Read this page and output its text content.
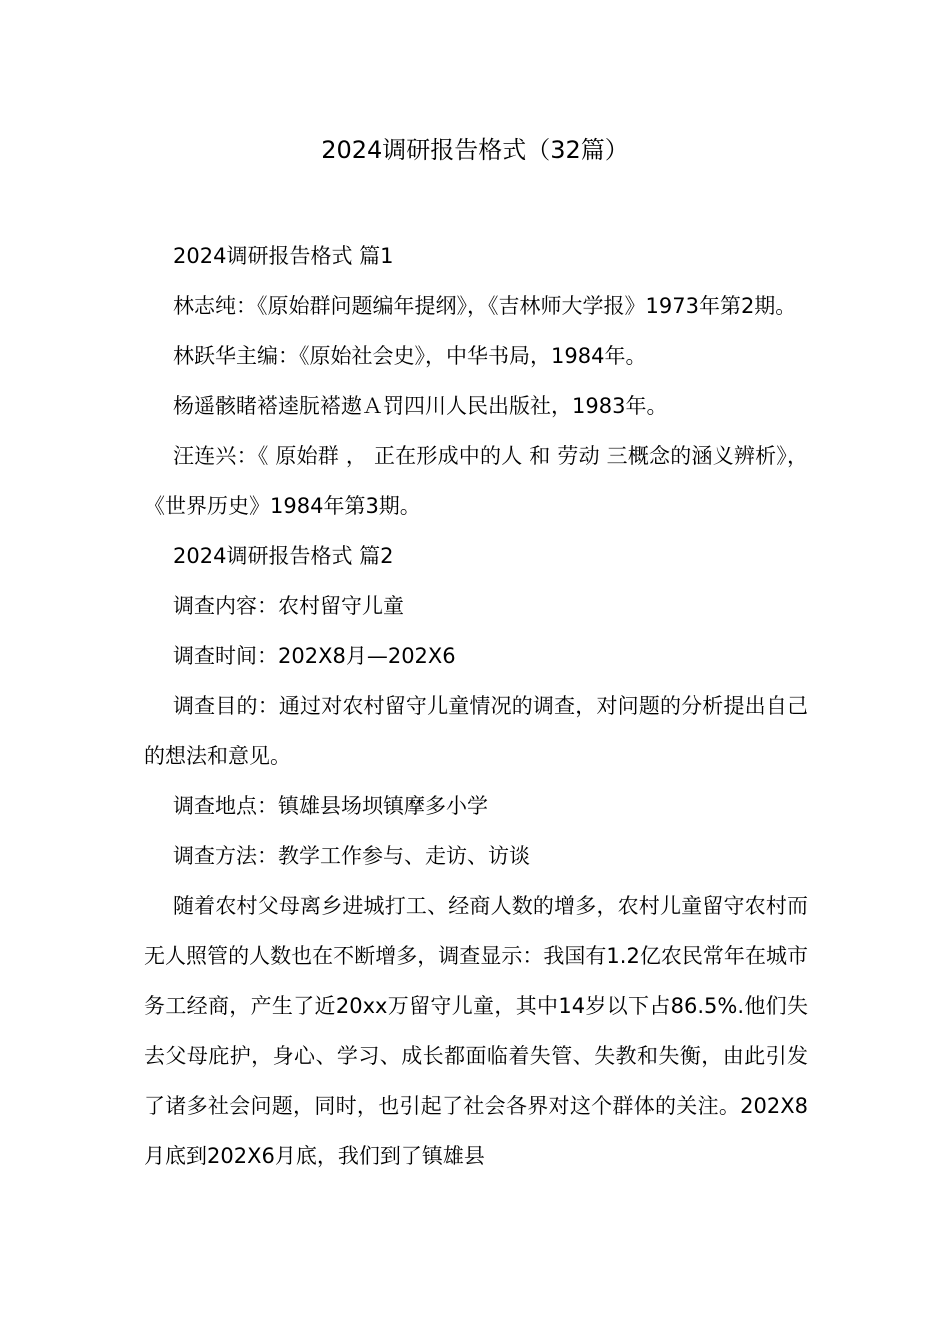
2024调研报告格式（32篇）

2024调研报告格式 篇1

林志纯：《原始群问题编年提纲》，《吉林师大学报》1973年第2期。

林跃华主编：《原始社会史》，中华书局，1984年。

杨遥骸睹褡逵朊褡遨Ａ罚四川人民出版社，1983年。

汪连兴：《 原始群 ， 正在形成中的人 和 劳动 三概念的涵义辨析》，《世界历史》1984年第3期。

2024调研报告格式 篇2

调查内容：农村留守儿童

调查时间：202X8月—202X6

调查目的：通过对农村留守儿童情况的调查，对问题的分析提出自己的想法和意见。

调查地点：镇雄县场坝镇摩多小学

调查方法：教学工作参与、走访、访谈

随着农村父母离乡进城打工、经商人数的增多，农村儿童留守农村而无人照管的人数也在不断增多，调查显示：我国有1.2亿农民常年在城市务工经商，产生了近20xx万留守儿童，其中14岁以下占86.5%.他们失去父母庇护，身心、学习、成长都面临着失管、失教和失衡，由此引发了诸多社会问题，同时，也引起了社会各界对这个群体的关注。202X8月底到202X6月底，我们到了镇雄县
